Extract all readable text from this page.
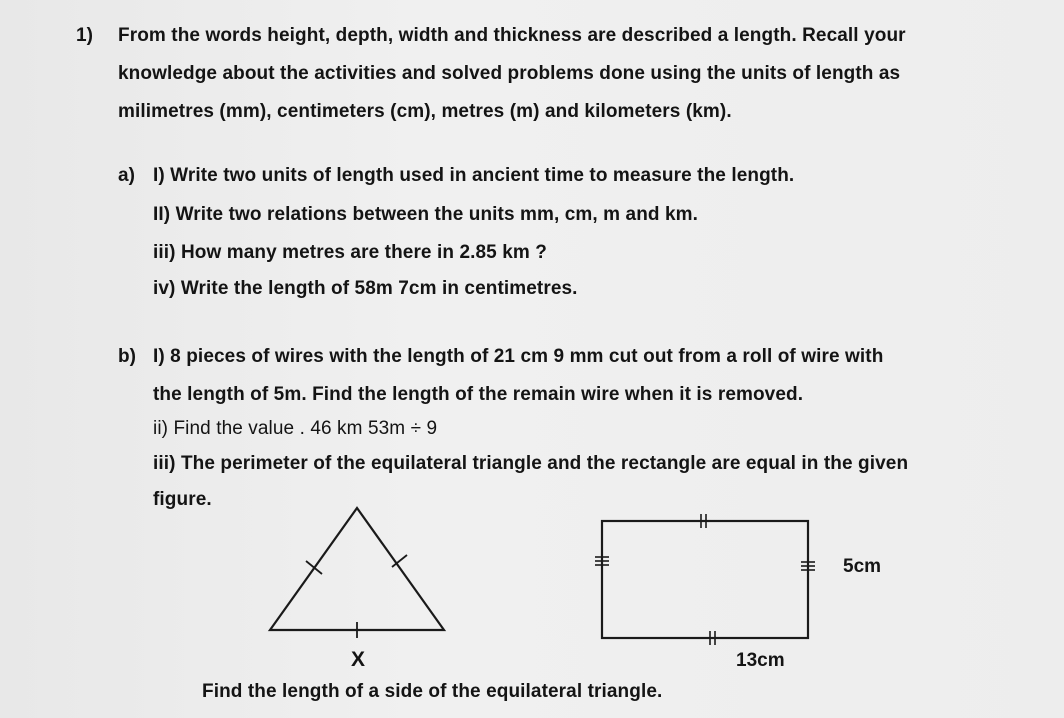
1) From the words height, depth, width and thickness are described a length. Recall your
knowledge about the activities and solved problems done using the units of length as
milimetres (mm), centimeters (cm), metres (m) and kilometers (km).
a) I) Write two units of length used in ancient time to measure the length.
II) Write two relations between the units mm, cm, m and km.
iii) How many metres are there in 2.85 km ?
iv) Write the length of 58m 7cm in centimetres.
b) I) 8 pieces of wires with the length of 21 cm 9 mm cut out from a roll of wire with
the length of 5m. Find the length of the remain wire when it is removed.
ii) Find the value . 46 km 53m ÷ 9
iii) The perimeter of the equilateral triangle and the rectangle are equal in the given
figure.
X
5cm
13cm
Find the length of a side of the equilateral triangle.
